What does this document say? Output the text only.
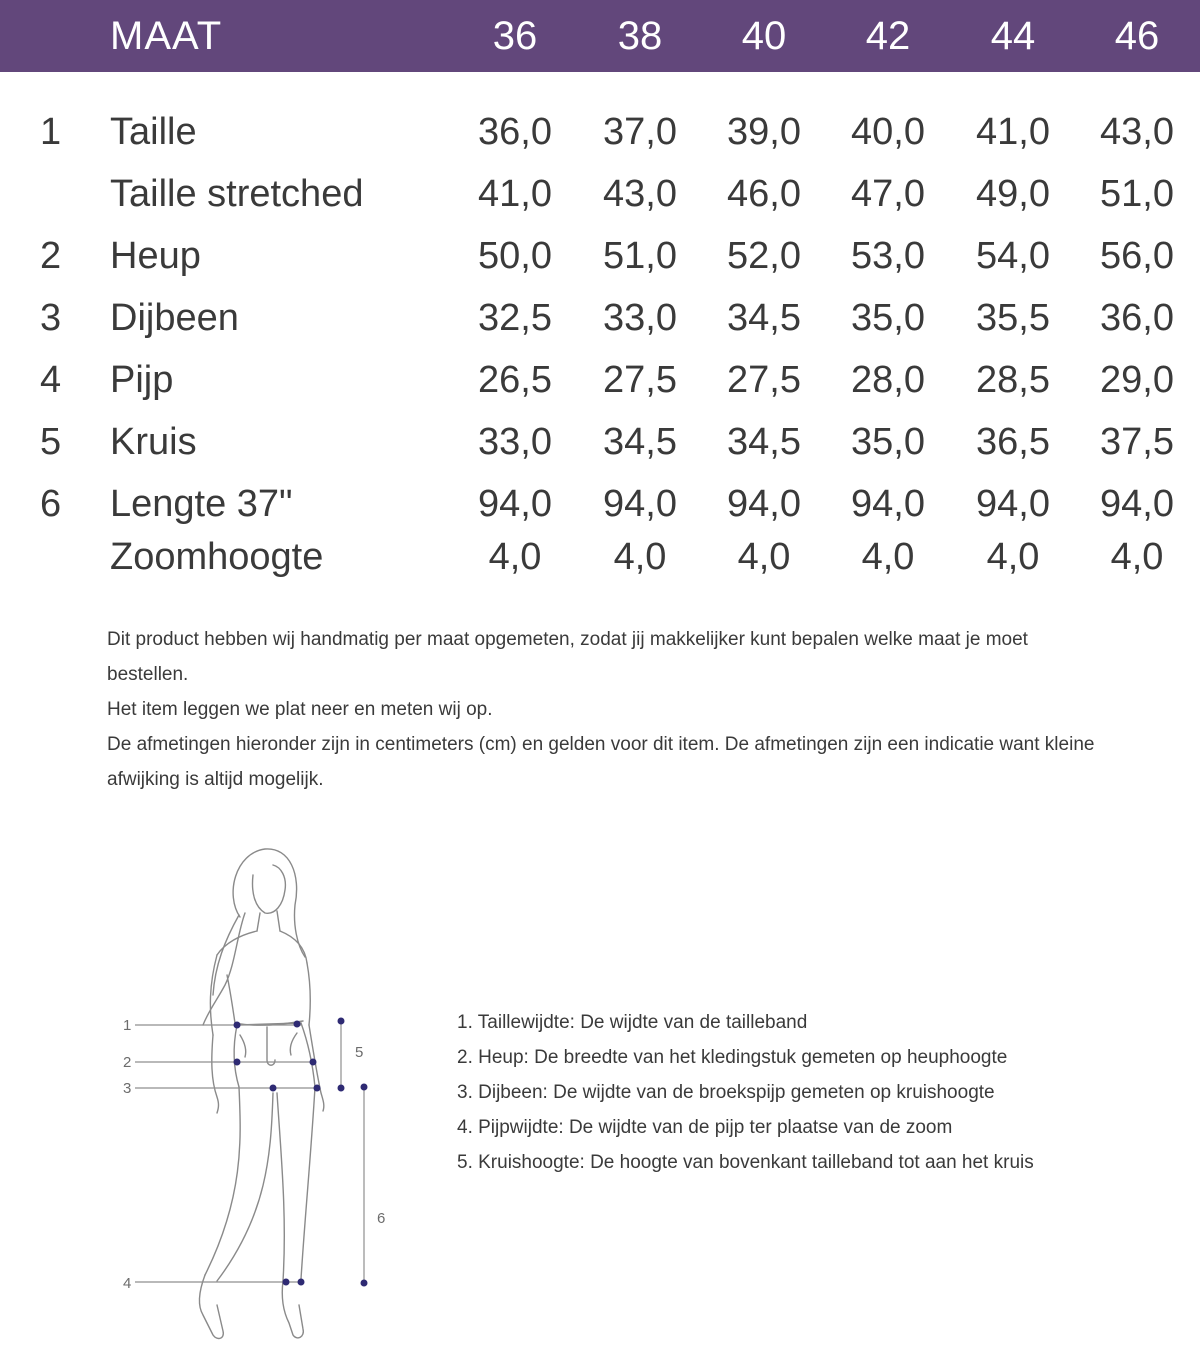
MAAT	36	38	40	42	44	46
1 Taille	36,0	37,0	39,0	40,0	41,0	43,0
Taille stretched	41,0	43,0	46,0	47,0	49,0	51,0
2 Heup	50,0	51,0	52,0	53,0	54,0	56,0
3 Dijbeen	32,5	33,0	34,5	35,0	35,5	36,0
4 Pijp	26,5	27,5	27,5	28,0	28,5	29,0
5 Kruis	33,0	34,5	34,5	35,0	36,5	37,5
6 Lengte 37"	94,0	94,0	94,0	94,0	94,0	94,0
Zoomhoogte	4,0	4,0	4,0	4,0	4,0	4,0

Dit product hebben wij handmatig per maat opgemeten, zodat jij makkelijker kunt bepalen welke maat je moet bestellen.

Het item leggen we plat neer en meten wij op.

De afmetingen hieronder zijn in centimeters (cm) en gelden voor dit item. De afmetingen zijn een indicatie want kleine afwijking is altijd mogelijk.

1
2
3
4
5
6

1. Taillewijdte: De wijdte van de tailleband

2. Heup: De breedte van het kledingstuk gemeten op heuphoogte

3. Dijbeen: De wijdte van de broekspijp gemeten op kruishoogte

4. Pijpwijdte: De wijdte van de pijp ter plaatse van de zoom

5. Kruishoogte: De hoogte van bovenkant tailleband tot aan het kruis
